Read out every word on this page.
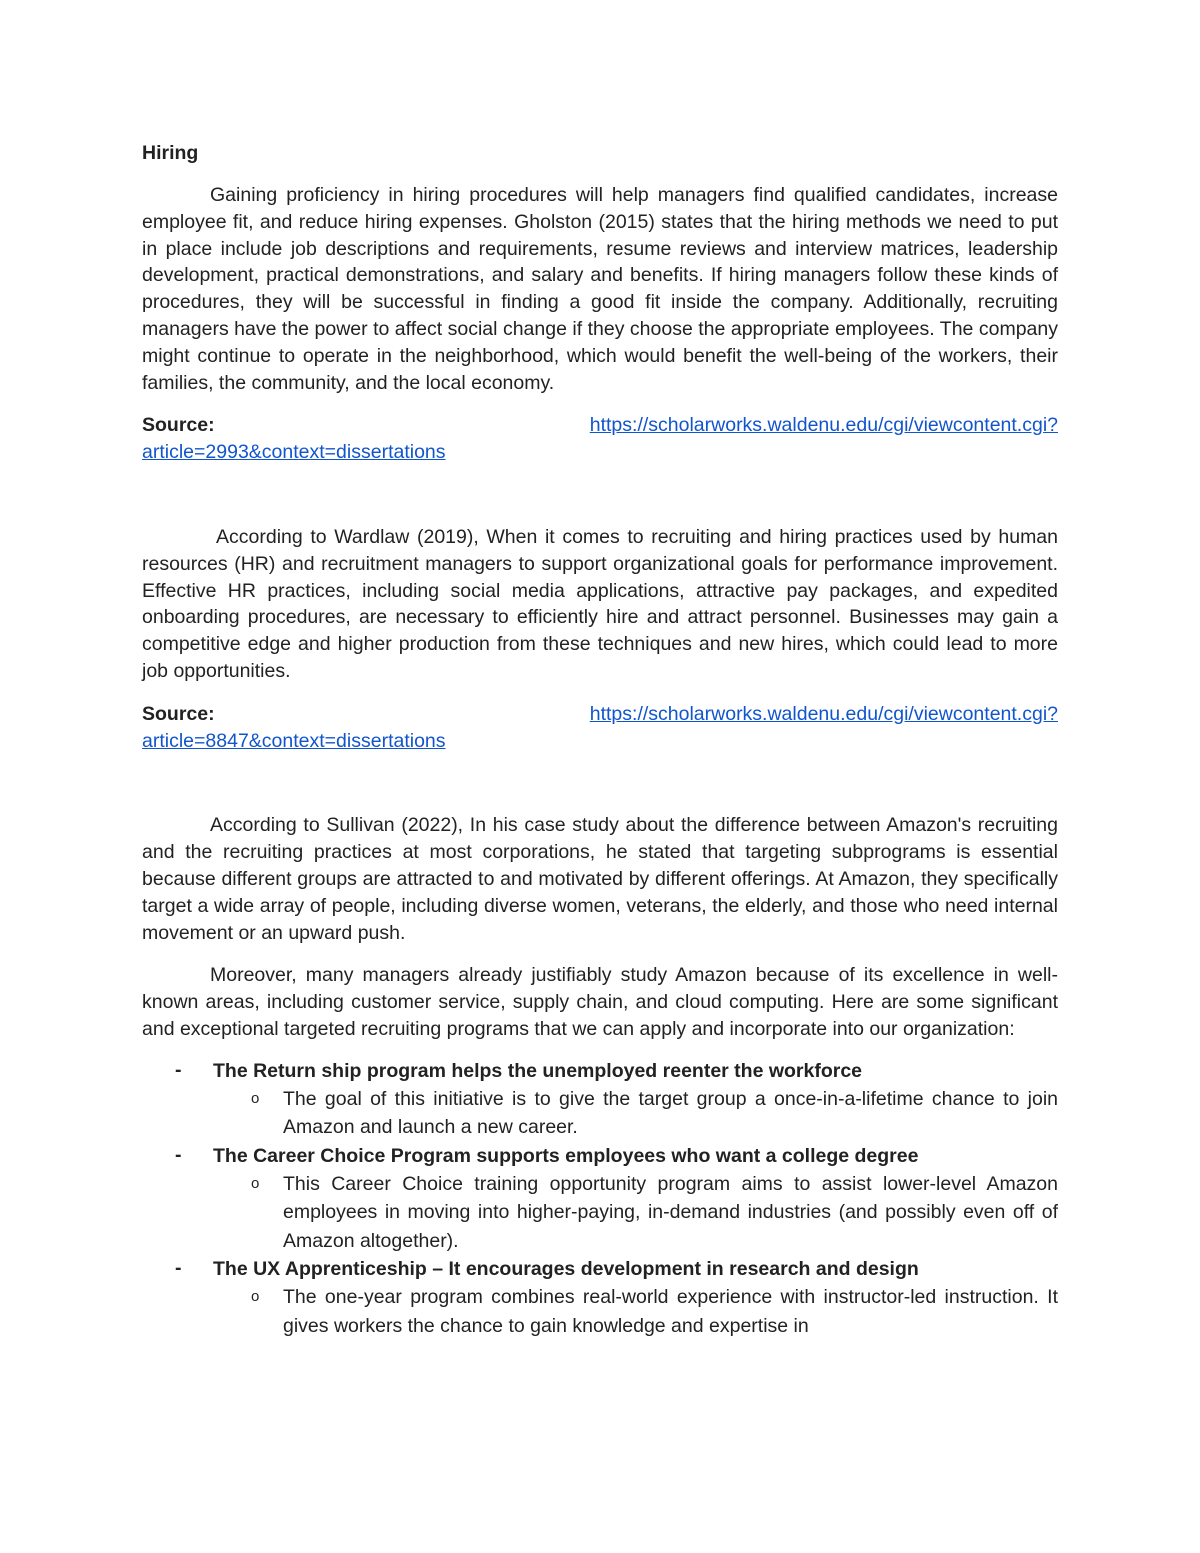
Hiring

Gaining proficiency in hiring procedures will help managers find qualified candidates, increase employee fit, and reduce hiring expenses. Gholston (2015) states that the hiring methods we need to put in place include job descriptions and requirements, resume reviews and interview matrices, leadership development, practical demonstrations, and salary and benefits. If hiring managers follow these kinds of procedures, they will be successful in finding a good fit inside the company. Additionally, recruiting managers have the power to affect social change if they choose the appropriate employees. The company might continue to operate in the neighborhood, which would benefit the well-being of the workers, their families, the community, and the local economy.

Source:	https://scholarworks.waldenu.edu/cgi/viewcontent.cgi?
article=2993&context=dissertations

According to Wardlaw (2019), When it comes to recruiting and hiring practices used by human resources (HR) and recruitment managers to support organizational goals for performance improvement. Effective HR practices, including social media applications, attractive pay packages, and expedited onboarding procedures, are necessary to efficiently hire and attract personnel. Businesses may gain a competitive edge and higher production from these techniques and new hires, which could lead to more job opportunities.

Source:	https://scholarworks.waldenu.edu/cgi/viewcontent.cgi?
article=8847&context=dissertations

According to Sullivan (2022), In his case study about the difference between Amazon's recruiting and the recruiting practices at most corporations, he stated that targeting subprograms is essential because different groups are attracted to and motivated by different offerings. At Amazon, they specifically target a wide array of people, including diverse women, veterans, the elderly, and those who need internal movement or an upward push.

Moreover, many managers already justifiably study Amazon because of its excellence in well-known areas, including customer service, supply chain, and cloud computing. Here are some significant and exceptional targeted recruiting programs that we can apply and incorporate into our organization:

- The Return ship program helps the unemployed reenter the workforce
o The goal of this initiative is to give the target group a once-in-a-lifetime chance to join Amazon and launch a new career.
- The Career Choice Program supports employees who want a college degree
o This Career Choice training opportunity program aims to assist lower-level Amazon employees in moving into higher-paying, in-demand industries (and possibly even off of Amazon altogether).
- The UX Apprenticeship – It encourages development in research and design
o The one-year program combines real-world experience with instructor-led instruction. It gives workers the chance to gain knowledge and expertise in
